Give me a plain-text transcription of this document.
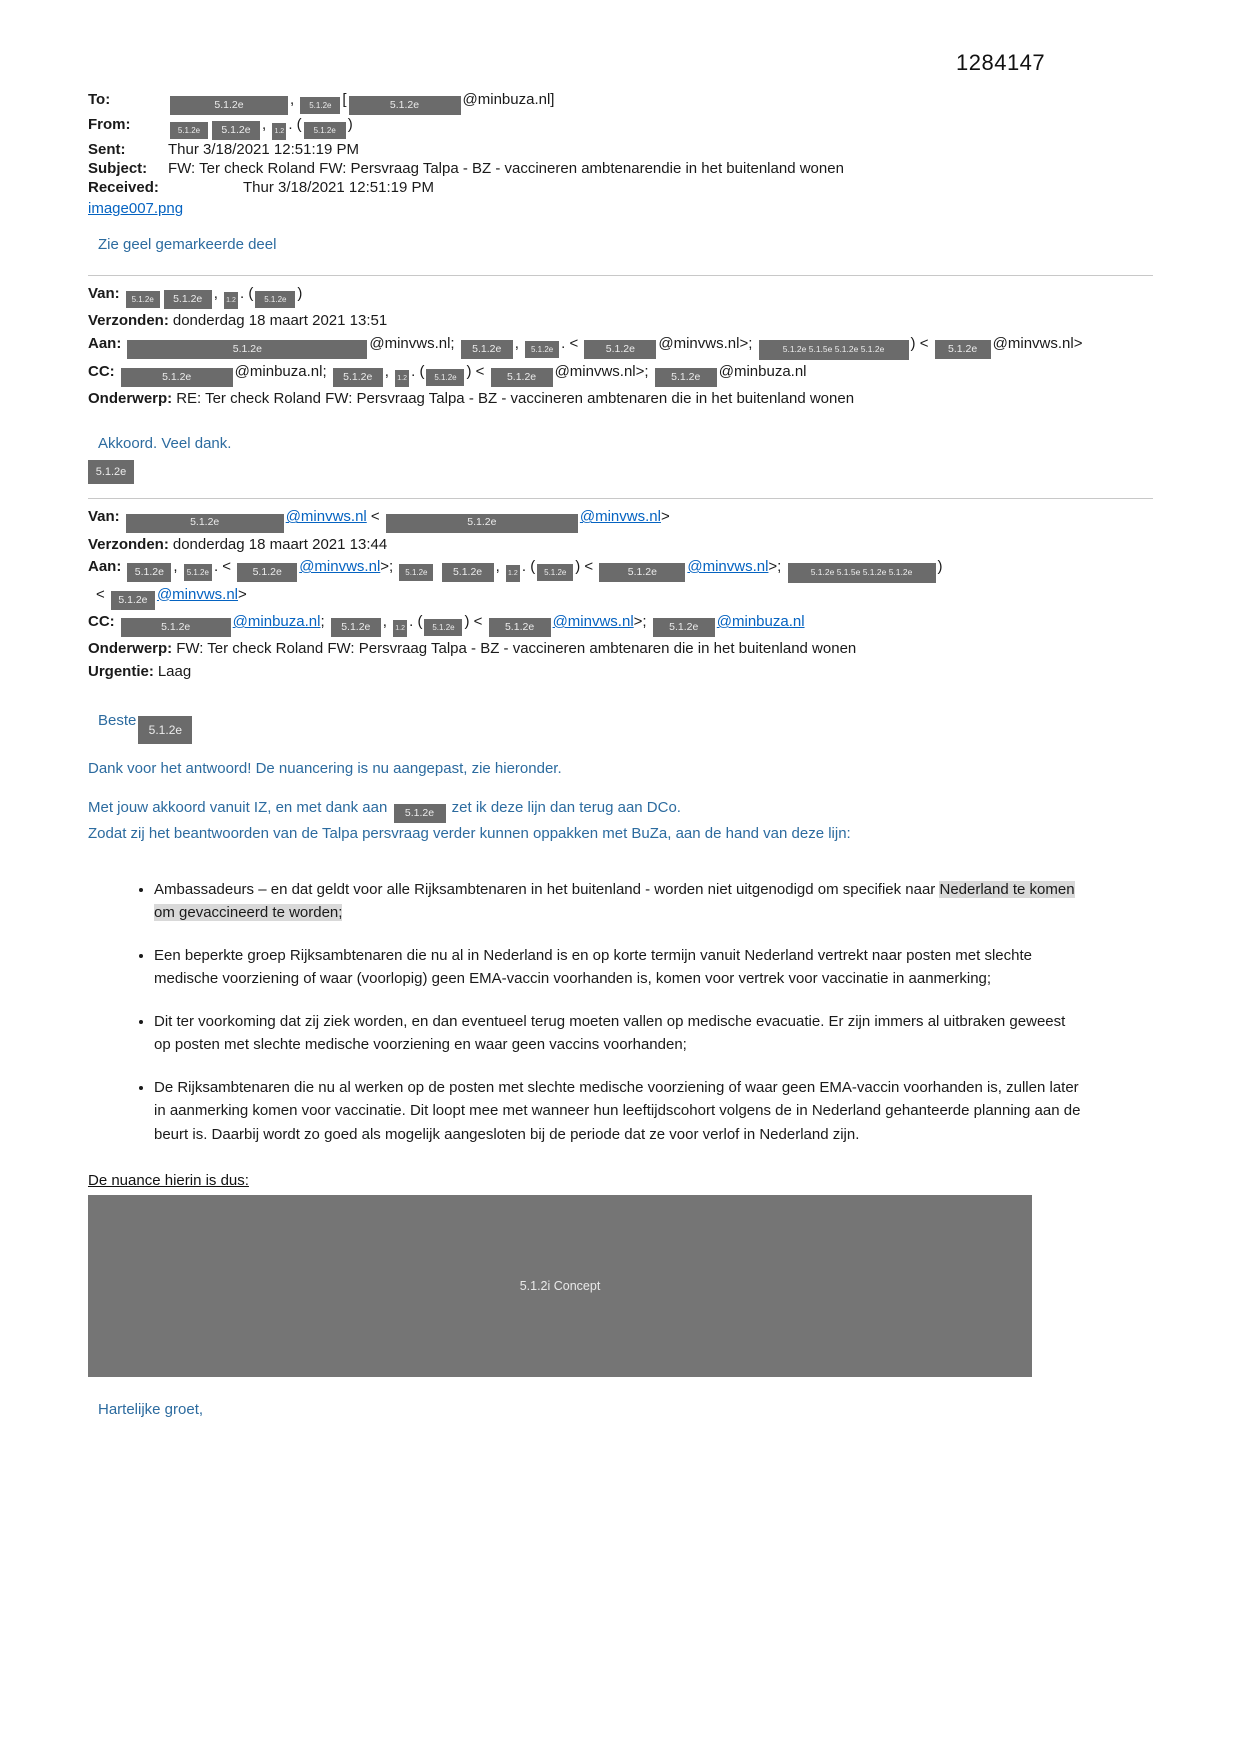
1284147
To:	5.1.2e	, 5.1.2e [	5.1.2e	@minbuza.nl]
From:	5.1.2e 5.1.2e , 1.2 . ( 5.1.2e )
Sent:	Thur 3/18/2021 12:51:19 PM
Subject: FW: Ter check Roland FW: Persvraag Talpa - BZ - vaccineren ambtenarendie in het buitenland wonen
Received:	Thur 3/18/2021 12:51:19 PM
image007.png

Zie geel gemarkeerde deel

Van: 5.1.2e 5.1.2e , 1.2 . ( 5.1.2e )
Verzonden: donderdag 18 maart 2021 13:51
Aan:	5.1.2e	@minvws.nl; 5.1.2e , 5.1.2e . < 5.1.2e @minvws.nl>;	5.1.2e 5.1.5e 5.1.2e 5.1.2e ) < 5.1.2e @minvws.nl>
CC:	5.1.2e	@minbuza.nl; 5.1.2e , 1.2 . ( 5.1.2e ) < 5.1.2e @minvws.nl>; 5.1.2e @minbuza.nl
Onderwerp: RE: Ter check Roland FW: Persvraag Talpa - BZ - vaccineren ambtenaren die in het buitenland wonen

Akkoord. Veel dank.

5.1.2e
Van:	5.1.2e	@minvws.nl <	5.1.2e	@minvws.nl>
Verzonden: donderdag 18 maart 2021 13:44
Aan: 5.1.2e , 5.1.2e . < 5.1.2e @minvws.nl>; 5.1.2e 5.1.2e , 1.2 . ( 5.1.2e ) <	5.1.2e @minvws.nl>;	5.1.2e 5.1.5e 5.1.2e 5.1.2e )
< 5.1.2e @minvws.nl>
CC:	5.1.2e	@minbuza.nl; 5.1.2e , 1.2 . ( 5.1.2e ) < 5.1.2e @minvws.nl>; 5.1.2e @minbuza.nl
Onderwerp: FW: Ter check Roland FW: Persvraag Talpa - BZ - vaccineren ambtenaren die in het buitenland wonen
Urgentie: Laag

Beste5.1.2e

Dank voor het antwoord! De nuancering is nu aangepast, zie hieronder.

Met jouw akkoord vanuit IZ, en met dank aan 5.1.2e zet ik deze lijn dan terug aan DCo.

Zodat zij het beantwoorden van de Talpa persvraag verder kunnen oppakken met BuZa, aan de hand van deze lijn:

• Ambassadeurs – en dat geldt voor alle Rijksambtenaren in het buitenland - worden niet uitgenodigd om specifiek naar Nederland te komen om gevaccineerd te worden;
• Een beperkte groep Rijksambtenaren die nu al in Nederland is en op korte termijn vanuit Nederland vertrekt naar posten met slechte medische voorziening of waar (voorlopig) geen EMA-vaccin voorhanden is, komen voor vertrek voor vaccinatie in aanmerking;
• Dit ter voorkoming dat zij ziek worden, en dan eventueel terug moeten vallen op medische evacuatie. Er zijn immers al uitbraken geweest op posten met slechte medische voorziening en waar geen vaccins voorhanden;
• De Rijksambtenaren die nu al werken op de posten met slechte medische voorziening of waar geen EMA-vaccin voorhanden is, zullen later in aanmerking komen voor vaccinatie. Dit loopt mee met wanneer hun leeftijdscohort volgens de in Nederland gehanteerde planning aan de beurt is. Daarbij wordt zo goed als mogelijk aangesloten bij de periode dat ze voor verlof in Nederland zijn.

De nuance hierin is dus:

5.1.2i Concept

Hartelijke groet,
